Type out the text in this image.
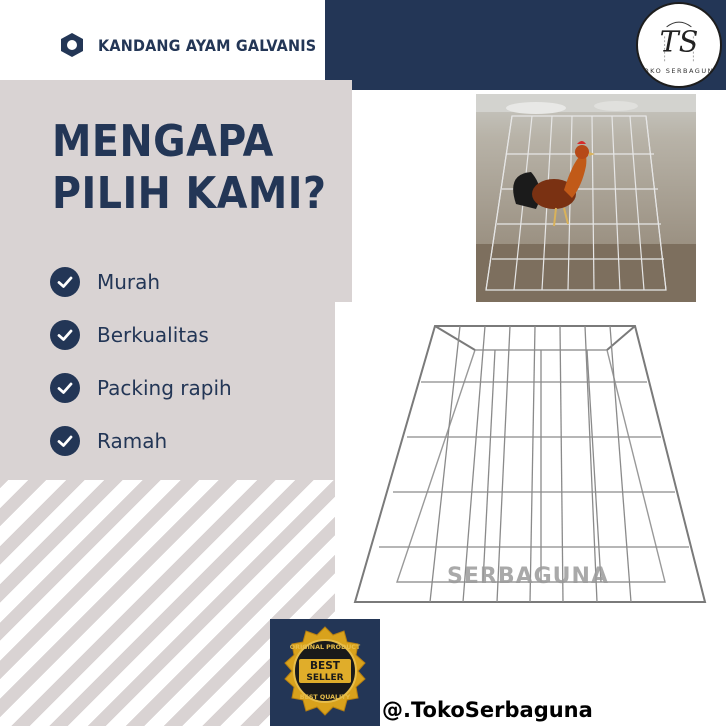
KANDANG AYAM GALVANIS	TS
TOKO SERBAGUNA
MENGAPA
PILIH KAMI?
Murah
Berkualitas
Packing rapih
Ramah
SERBAGUNA
ORIGINAL PRODUCT
BEST
SELLER
BEST QUALITY
@.TokoSerbaguna
